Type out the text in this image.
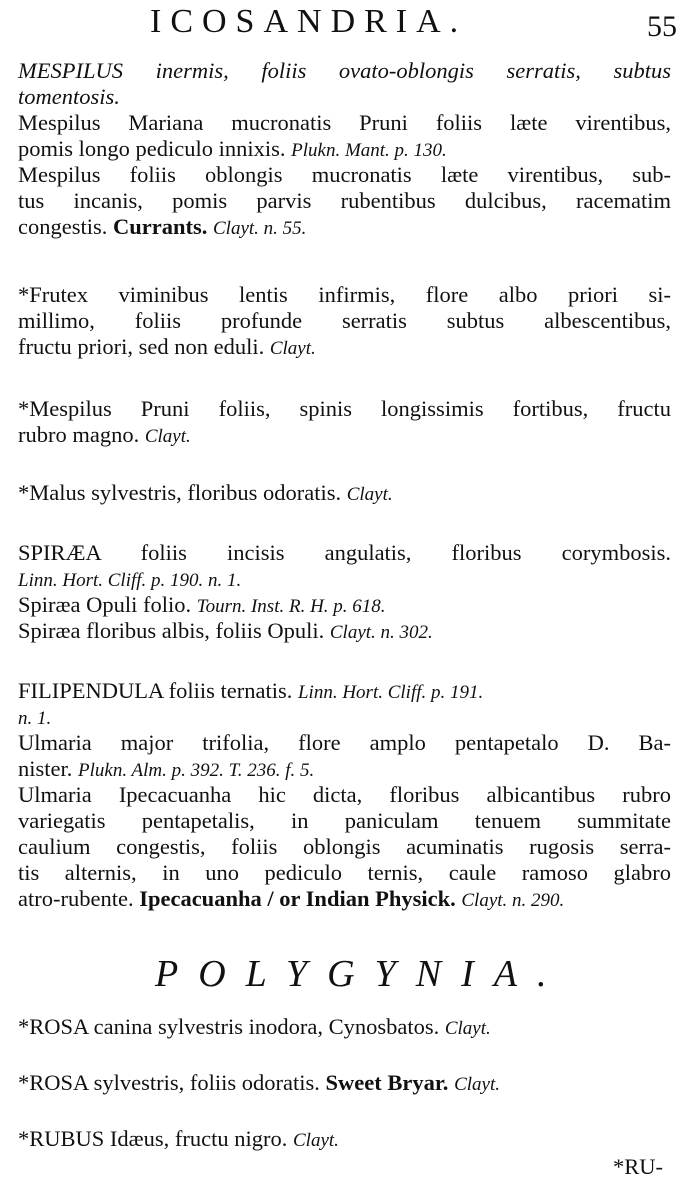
ICOSANDRIA.	55
MESPILUS inermis, foliis ovato-oblongis serratis, subtus
tomentosis.
Mespilus Mariana mucronatis Pruni foliis læte virentibus,
pomis longo pediculo innixis. Plukn. Mant. p. 130.
Mespilus foliis oblongis mucronatis læte virentibus, sub-
tus incanis, pomis parvis rubentibus dulcibus, racematim
congestis. Currants. Clayt. n. 55.
*Frutex viminibus lentis infirmis, flore albo priori si-
millimo, foliis profunde serratis subtus albescentibus,
fructu priori, sed non eduli. Clayt.
*Mespilus Pruni foliis, spinis longissimis fortibus, fructu
rubro magno. Clayt.
*Malus sylvestris, floribus odoratis. Clayt.
SPIRÆA foliis incisis angulatis, floribus corymbosis.
Linn. Hort. Cliff. p. 190. n. 1.
Spiræa Opuli folio. Tourn. Inst. R. H. p. 618.
Spiræa floribus albis, foliis Opuli. Clayt. n. 302.
FILIPENDULA foliis ternatis. Linn. Hort. Cliff. p. 191.
n. 1.
Ulmaria major trifolia, flore amplo pentapetalo D. Ba-
nister. Plukn. Alm. p. 392. T. 236. f. 5.
Ulmaria Ipecacuanha hic dicta, floribus albicantibus rubro
variegatis pentapetalis, in paniculam tenuem summitate
caulium congestis, foliis oblongis acuminatis rugosis serra-
tis alternis, in uno pediculo ternis, caule ramoso glabro
atro-rubente. Ipecacuanha / or Indian Physick. Clayt. n. 290.
POLYGYNIA.
*ROSA canina sylvestris inodora, Cynosbatos. Clayt.
*ROSA sylvestris, foliis odoratis. Sweet Bryar. Clayt.
*RUBUS Idæus, fructu nigro. Clayt.
*RU-
